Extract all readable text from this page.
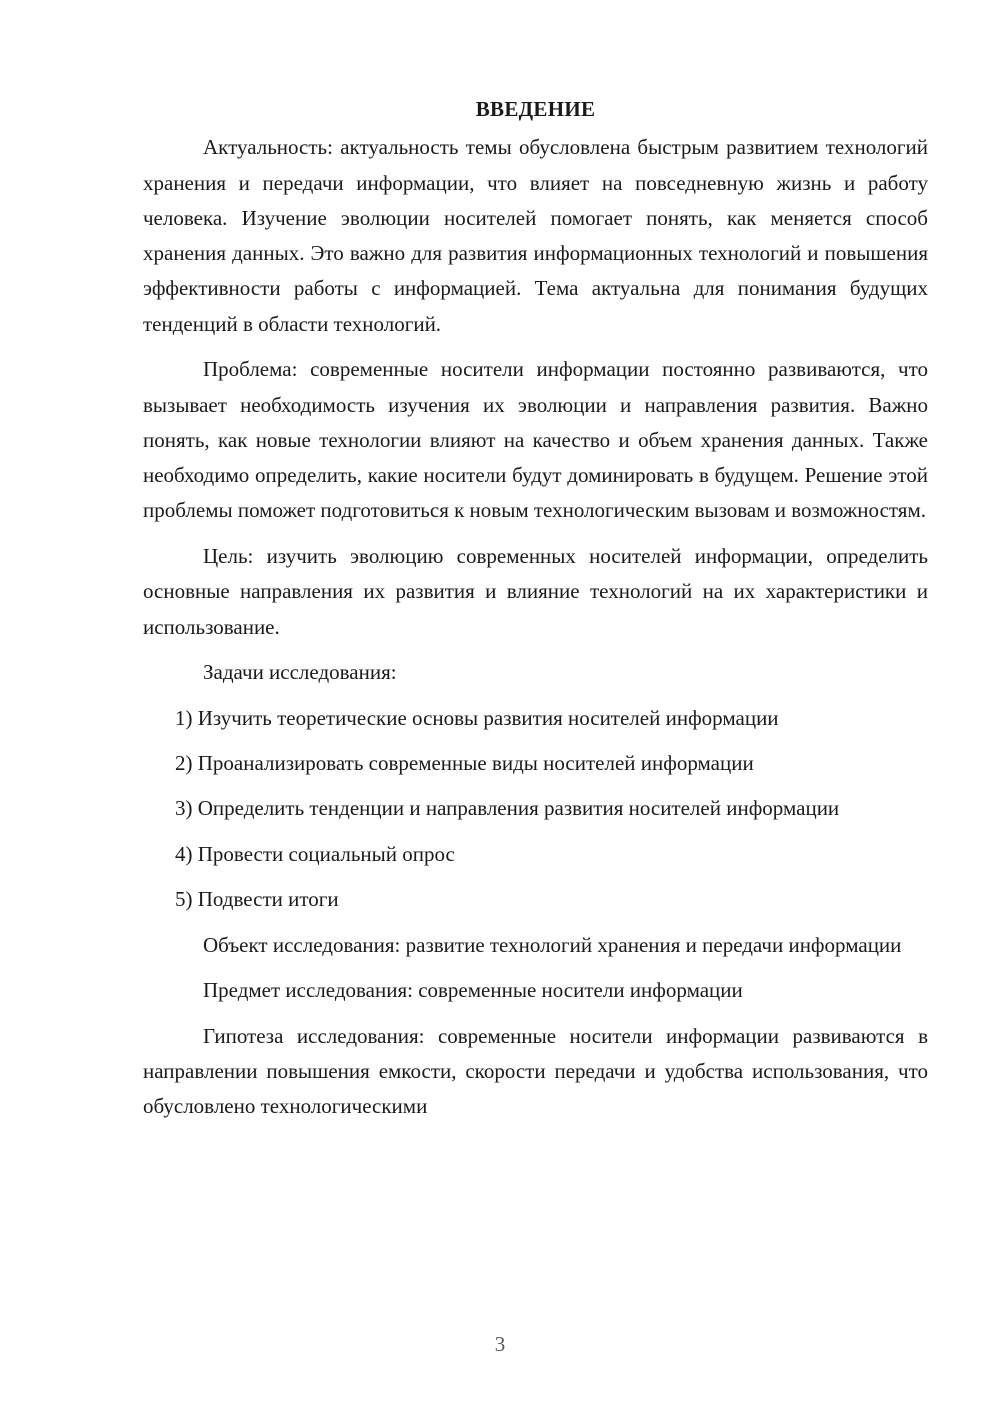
ВВЕДЕНИЕ

Актуальность: актуальность темы обусловлена быстрым развитием технологий хранения и передачи информации, что влияет на повседневную жизнь и работу человека. Изучение эволюции носителей помогает понять, как меняется способ хранения данных. Это важно для развития информационных технологий и повышения эффективности работы с информацией. Тема актуальна для понимания будущих тенденций в области технологий.

Проблема: современные носители информации постоянно развиваются, что вызывает необходимость изучения их эволюции и направления развития. Важно понять, как новые технологии влияют на качество и объем хранения данных. Также необходимо определить, какие носители будут доминировать в будущем. Решение этой проблемы поможет подготовиться к новым технологическим вызовам и возможностям.

Цель: изучить эволюцию современных носителей информации, определить основные направления их развития и влияние технологий на их характеристики и использование.

Задачи исследования:

1) Изучить теоретические основы развития носителей информации

2) Проанализировать современные виды носителей информации

3) Определить тенденции и направления развития носителей информации

4) Провести социальный опрос

5) Подвести итоги

Объект исследования: развитие технологий хранения и передачи информации

Предмет исследования: современные носители информации

Гипотеза исследования: современные носители информации развиваются в направлении повышения емкости, скорости передачи и удобства использования, что обусловлено технологическими

3
